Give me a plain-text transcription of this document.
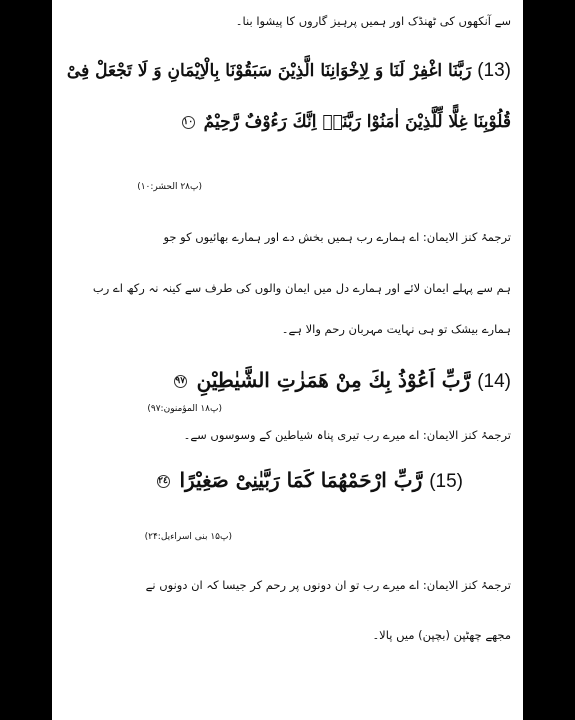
سے آنکھوں کی ٹھنڈک اور ہمیں پرہیز گاروں کا پیشوا بنا۔
(13) رَبَّنَا اغْفِرْ لَنَا وَ لِاِخْوَانِنَا الَّذِیْنَ سَبَقُوْنَا بِالْاِیْمَانِ وَ لَا تَجْعَلْ فِیْ
قُلُوْبِنَا غِلًّا لِّلَّذِیْنَ اٰمَنُوْا رَبَّنَاۤ اِنَّكَ رَءُوْفٌ رَّحِیْمٌ ١٠
(پ۲۸ الحشر:۱۰)
ترجمۂ کنز الایمان: اے ہمارے رب ہمیں بخش دے اور ہمارے بھائیوں کو جو
ہم سے پہلے ایمان لائے اور ہمارے دل میں ایمان والوں کی طرف سے کینہ نہ رکھ اے رب
ہمارے بیشک تو ہی نہایت مہربان رحم والا ہے۔
(14) رَّبِّ اَعُوْذُ بِكَ مِنْ هَمَزٰتِ الشَّیٰطِیْنِ ٩٧
(پ۱۸ المؤمنون:۹۷)
ترجمۂ کنز الایمان: اے میرے رب تیری پناہ شیاطین کے وسوسوں سے۔
(15) رَّبِّ ارْحَمْهُمَا كَمَا رَبَّیٰنِیْ صَغِیْرًا ٢٤
(پ۱۵ بنی اسراءیل:۲۴)
ترجمۂ کنز الایمان: اے میرے رب تو ان دونوں پر رحم کر جیسا کہ ان دونوں نے
مجھے چھٹپن (بچپن) میں پالا۔
